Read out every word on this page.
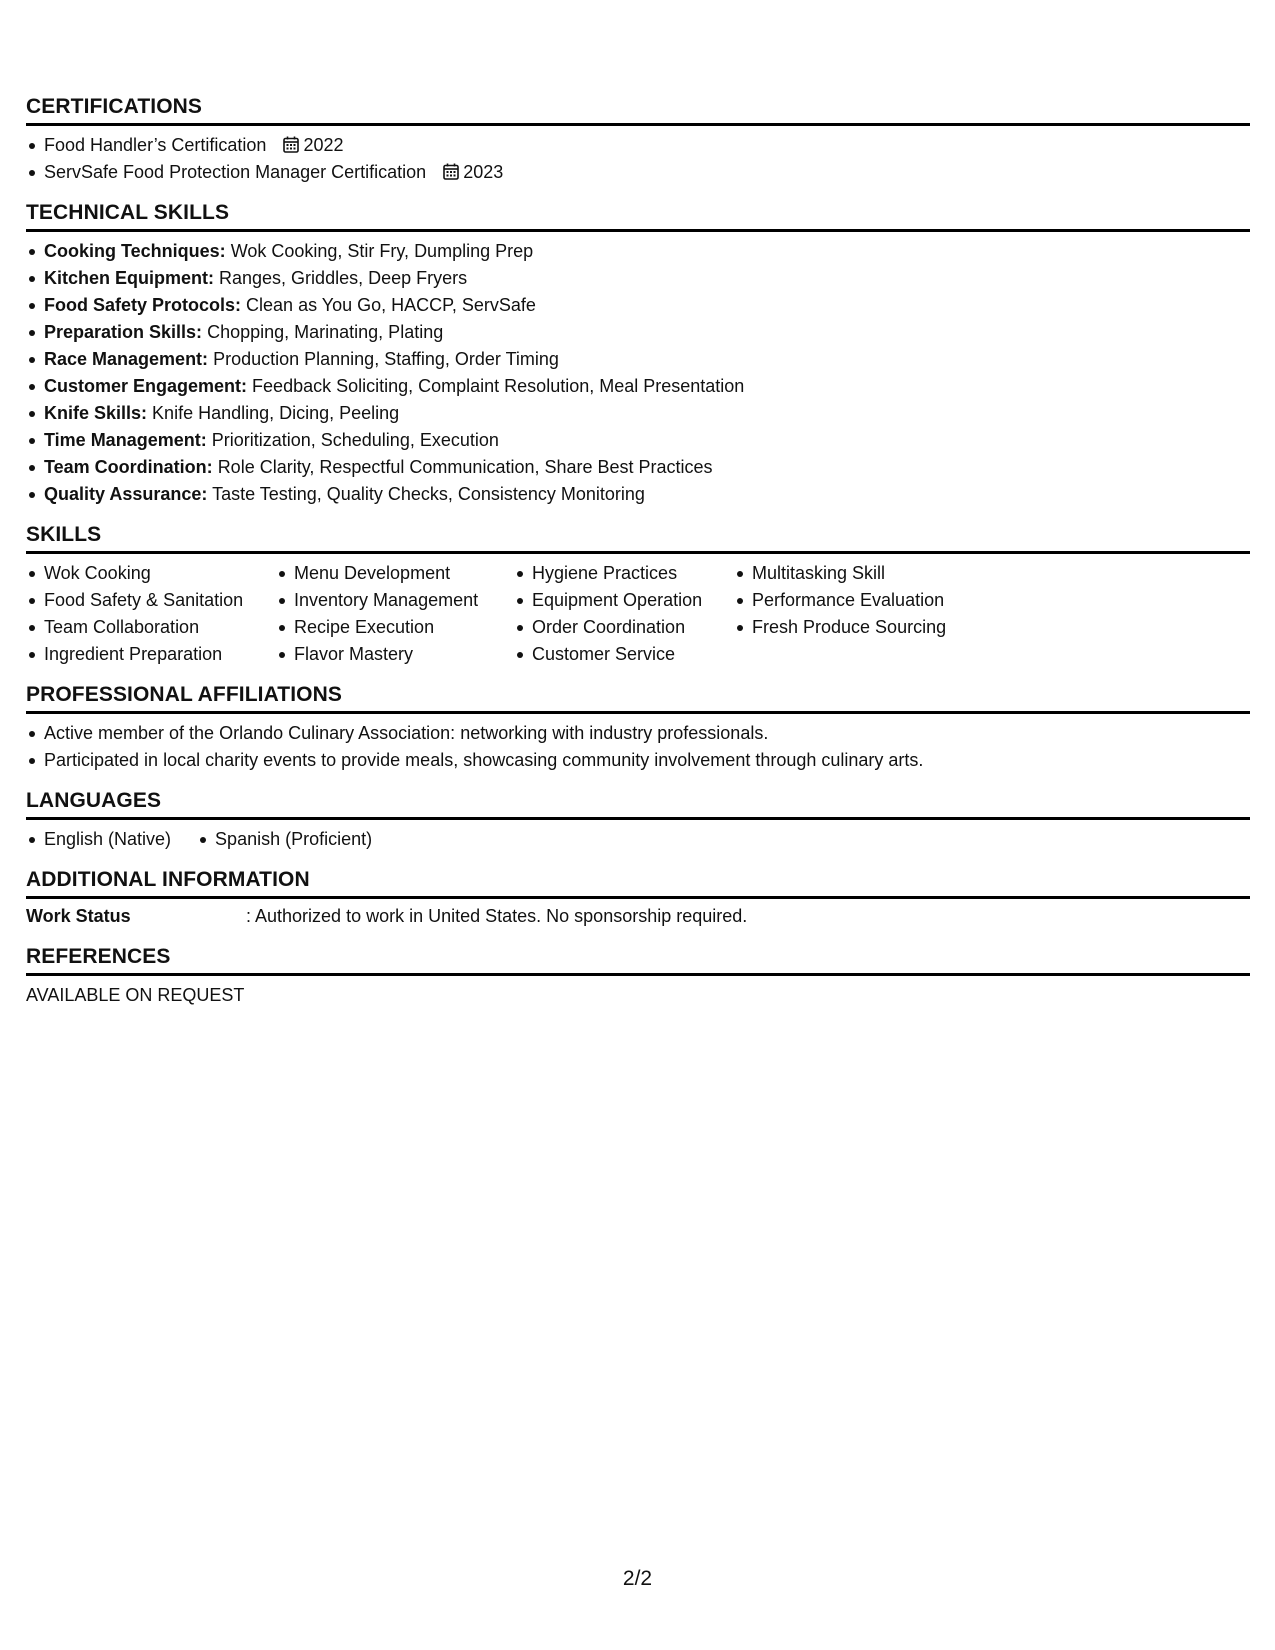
CERTIFICATIONS
Food Handler’s Certification 2022
ServSafe Food Protection Manager Certification 2023
TECHNICAL SKILLS
Cooking Techniques: Wok Cooking, Stir Fry, Dumpling Prep
Kitchen Equipment: Ranges, Griddles, Deep Fryers
Food Safety Protocols: Clean as You Go, HACCP, ServSafe
Preparation Skills: Chopping, Marinating, Plating
Race Management: Production Planning, Staffing, Order Timing
Customer Engagement: Feedback Soliciting, Complaint Resolution, Meal Presentation
Knife Skills: Knife Handling, Dicing, Peeling
Time Management: Prioritization, Scheduling, Execution
Team Coordination: Role Clarity, Respectful Communication, Share Best Practices
Quality Assurance: Taste Testing, Quality Checks, Consistency Monitoring
SKILLS
Wok Cooking
Food Safety & Sanitation
Team Collaboration
Ingredient Preparation
Menu Development
Inventory Management
Recipe Execution
Flavor Mastery
Hygiene Practices
Equipment Operation
Order Coordination
Customer Service
Multitasking Skill
Performance Evaluation
Fresh Produce Sourcing
PROFESSIONAL AFFILIATIONS
Active member of the Orlando Culinary Association: networking with industry professionals.
Participated in local charity events to provide meals, showcasing community involvement through culinary arts.
LANGUAGES
English (Native)	Spanish (Proficient)
ADDITIONAL INFORMATION
Work Status	: Authorized to work in United States. No sponsorship required.
REFERENCES
AVAILABLE ON REQUEST
2/2
